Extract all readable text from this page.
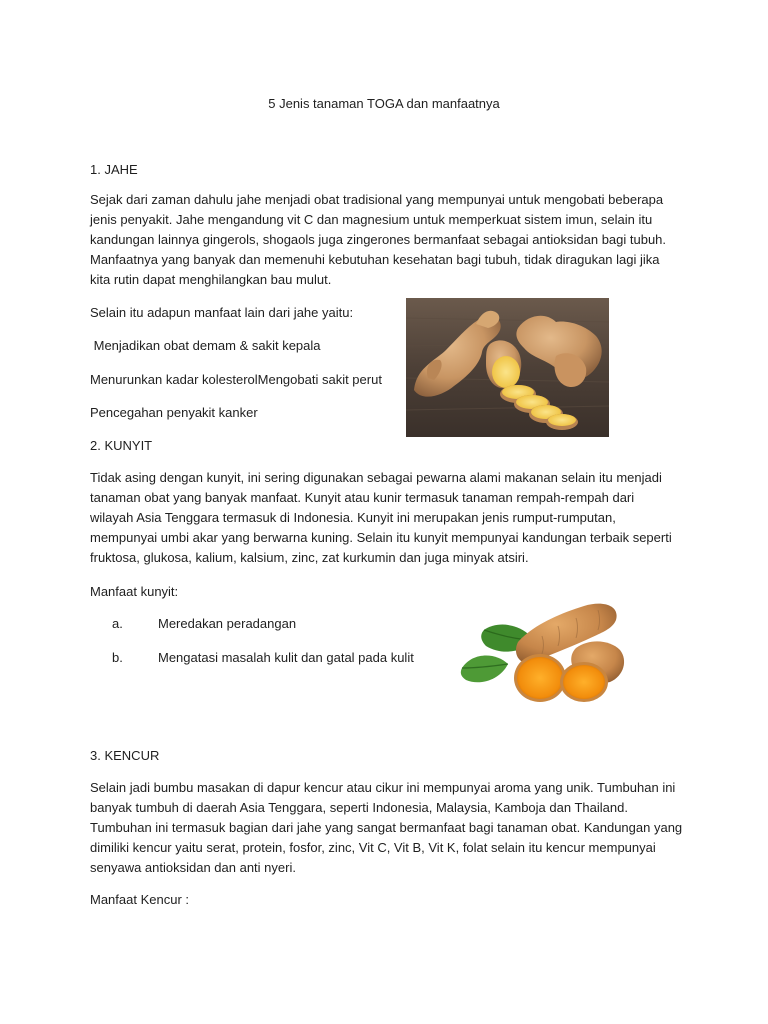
5 Jenis tanaman TOGA dan manfaatnya
1. JAHE
Sejak dari zaman dahulu jahe menjadi obat tradisional yang mempunyai untuk mengobati beberapa
jenis penyakit. Jahe mengandung vit C dan magnesium untuk memperkuat sistem imun, selain itu
kandungan lainnya gingerols, shogaols juga zingerones bermanfaat sebagai antioksidan bagi tubuh.
Manfaatnya yang banyak dan memenuhi kebutuhan kesehatan bagi tubuh, tidak diragukan lagi jika
kita rutin dapat menghilangkan bau mulut.
Selain itu adapun manfaat lain dari jahe yaitu:
Menjadikan obat demam & sakit kepala
Menurunkan kadar kolesterolMengobati sakit perut
Pencegahan penyakit kanker
2. KUNYIT
Tidak asing dengan kunyit, ini sering digunakan sebagai pewarna alami makanan selain itu menjadi
tanaman obat yang banyak manfaat. Kunyit atau kunir termasuk tanaman rempah-rempah dari
wilayah Asia Tenggara termasuk di Indonesia. Kunyit ini merupakan jenis rumput-rumputan,
mempunyai umbi akar yang berwarna kuning. Selain itu kunyit mempunyai kandungan terbaik seperti
fruktosa, glukosa, kalium, kalsium, zinc, zat kurkumin dan juga minyak atsiri.
Manfaat kunyit:
a.	Meredakan peradangan
b.	Mengatasi masalah kulit dan gatal pada kulit
3. KENCUR
Selain jadi bumbu masakan di dapur kencur atau cikur ini mempunyai aroma yang unik. Tumbuhan ini
banyak tumbuh di daerah Asia Tenggara, seperti Indonesia, Malaysia, Kamboja dan Thailand.
Tumbuhan ini termasuk bagian dari jahe yang sangat bermanfaat bagi tanaman obat. Kandungan yang
dimiliki kencur yaitu serat, protein, fosfor, zinc, Vit C, Vit B, Vit K, folat selain itu kencur mempunyai
senyawa antioksidan dan anti nyeri.
Manfaat Kencur :
